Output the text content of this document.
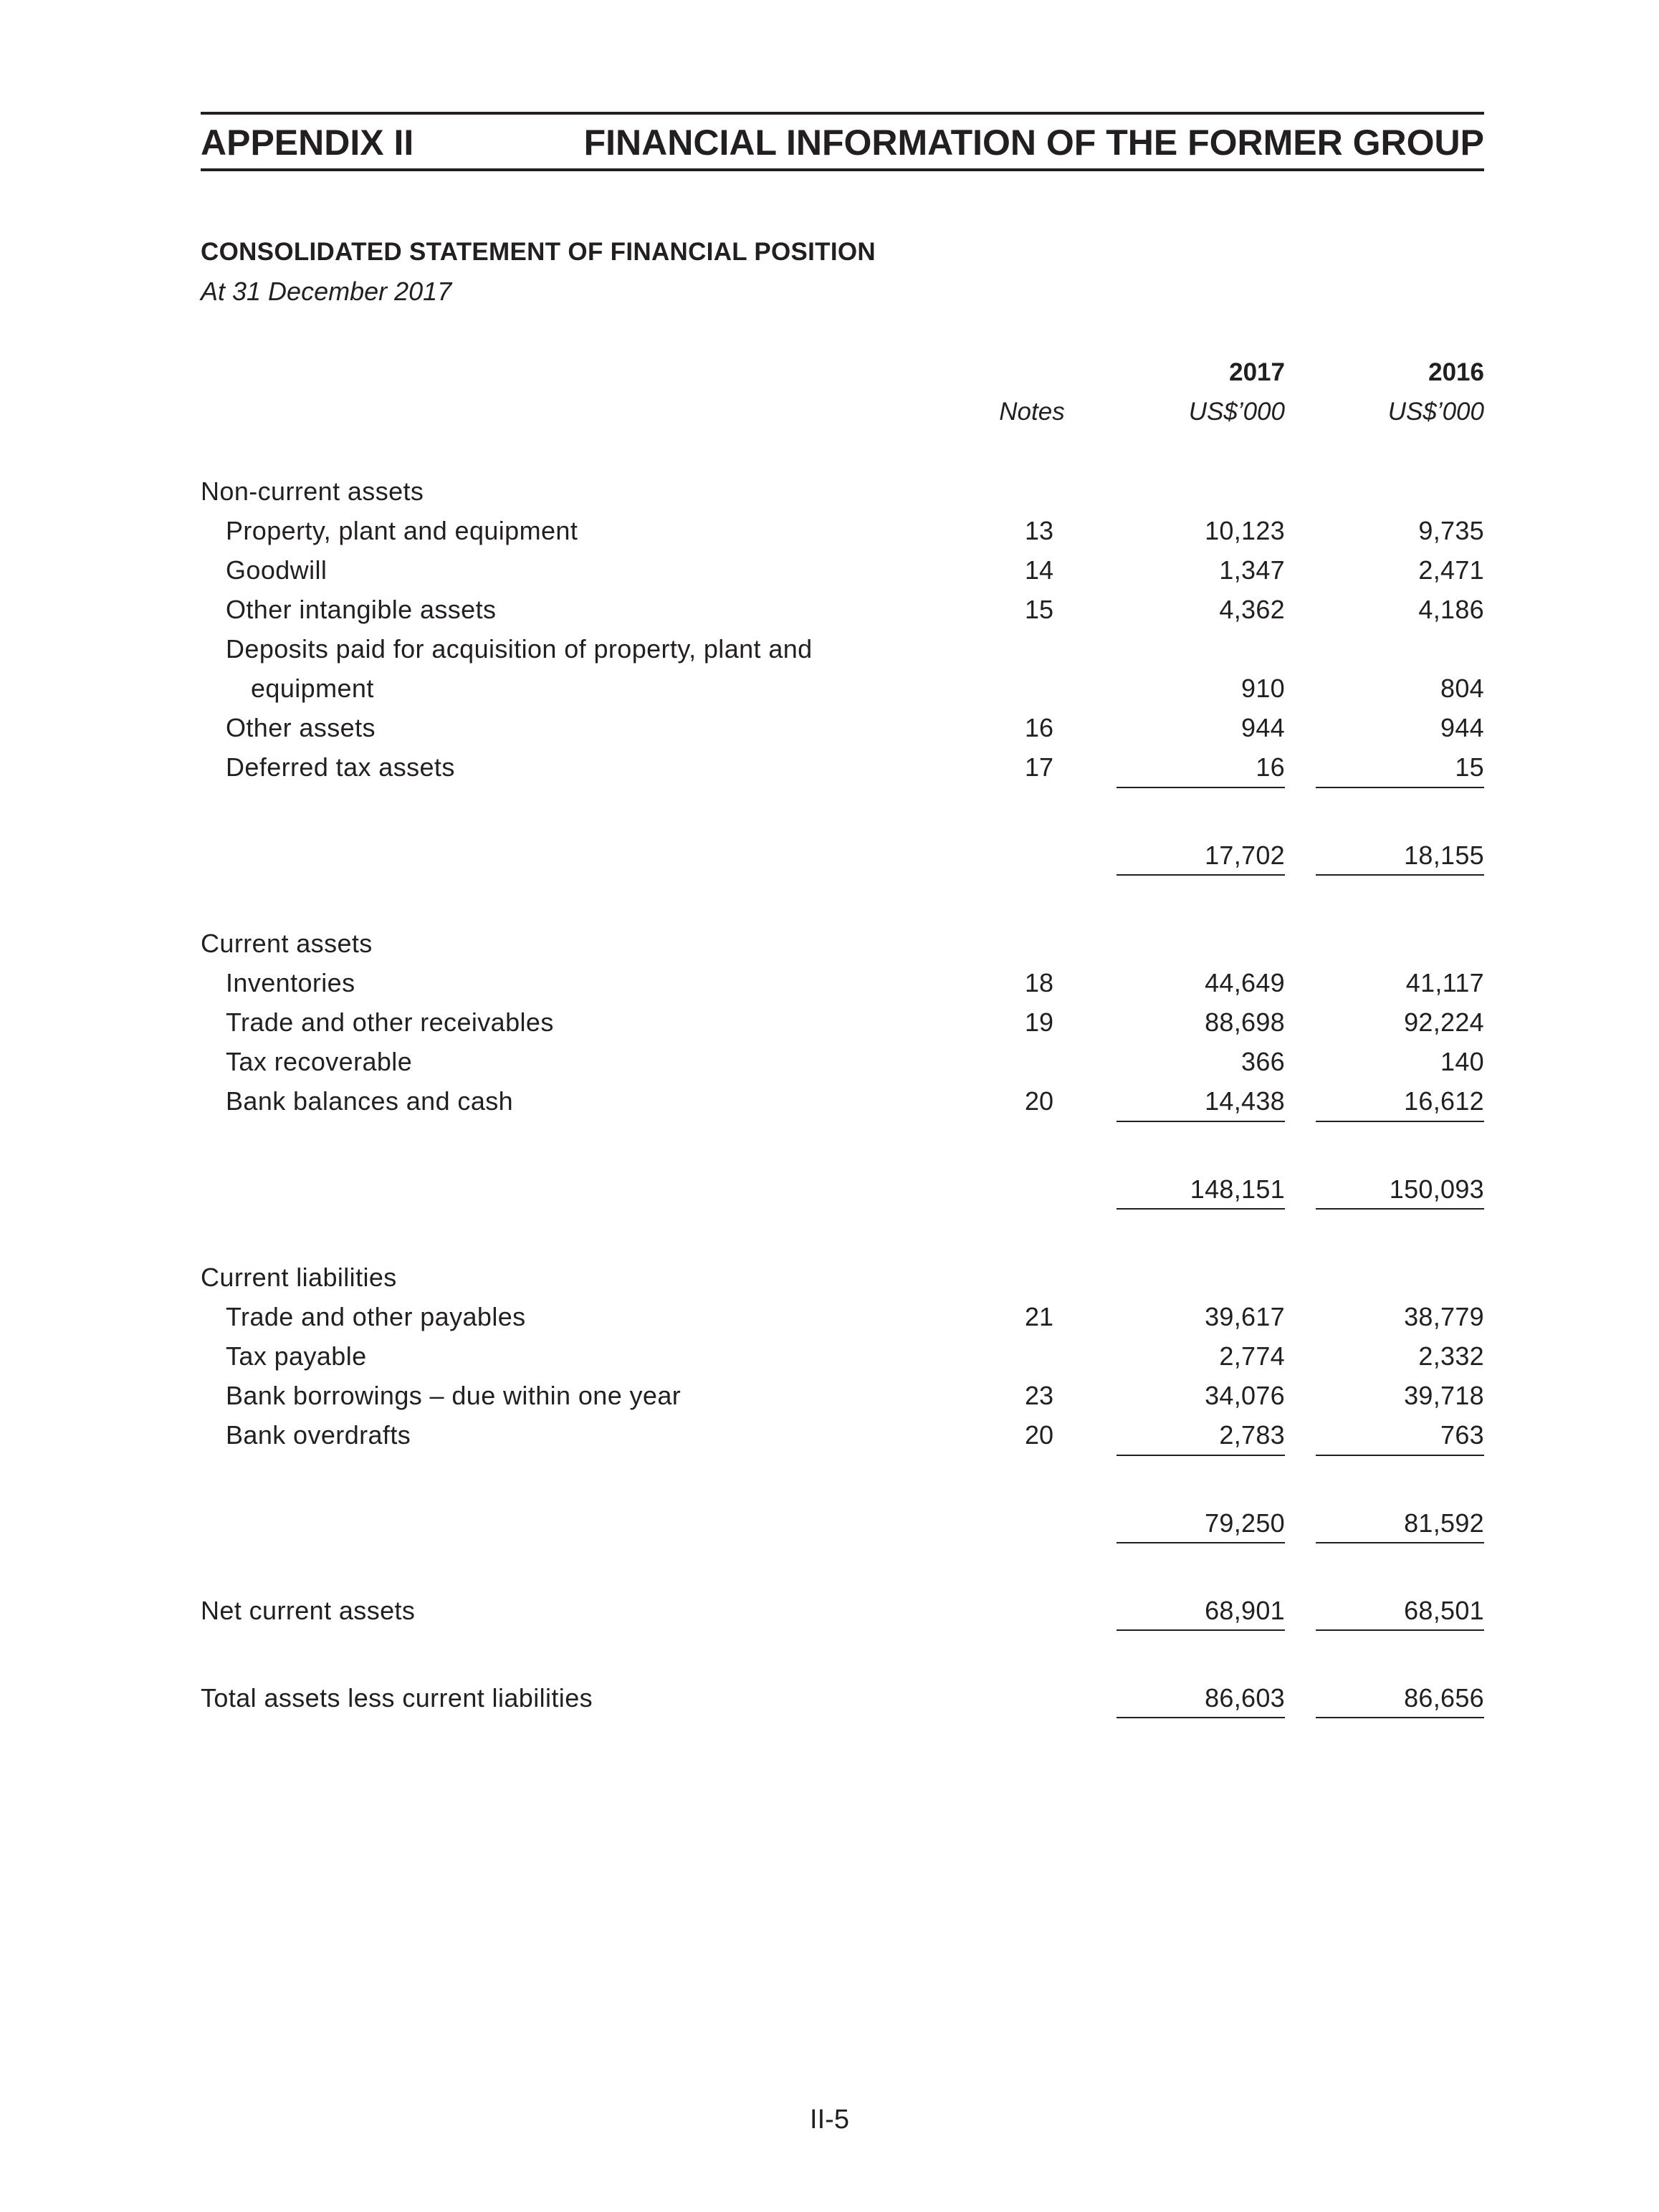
APPENDIX II	FINANCIAL INFORMATION OF THE FORMER GROUP
CONSOLIDATED STATEMENT OF FINANCIAL POSITION
At 31 December 2017
2017	2016
Notes	US$’000	US$’000
Non-current assets
Property, plant and equipment	13	10,123	9,735
Goodwill	14	1,347	2,471
Other intangible assets	15	4,362	4,186
Deposits paid for acquisition of property, plant and
equipment	910	804
Other assets	16	944	944
Deferred tax assets	17	16	15
17,702	18,155
Current assets
Inventories	18	44,649	41,117
Trade and other receivables	19	88,698	92,224
Tax recoverable	366	140
Bank balances and cash	20	14,438	16,612
148,151	150,093
Current liabilities
Trade and other payables	21	39,617	38,779
Tax payable	2,774	2,332
Bank borrowings – due within one year	23	34,076	39,718
Bank overdrafts	20	2,783	763
79,250	81,592
Net current assets	68,901	68,501
Total assets less current liabilities	86,603	86,656
II-5
